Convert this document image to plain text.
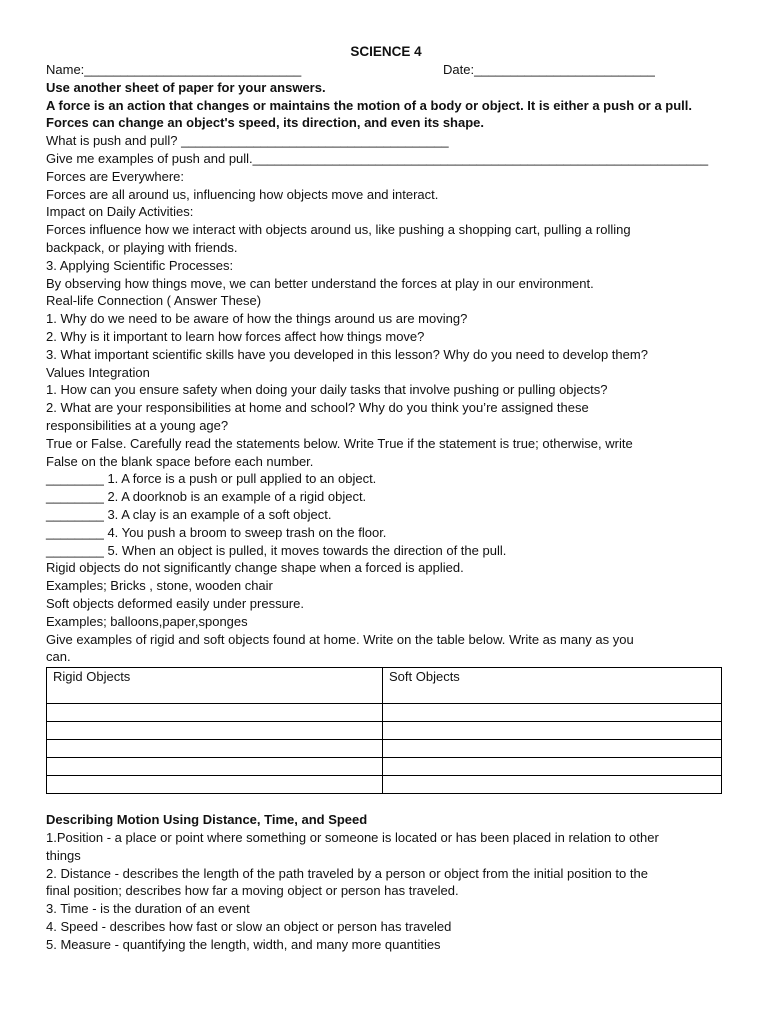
SCIENCE 4
Name:______________________________	Date:_________________________
Use another sheet of paper for your answers.
A force is an action that changes or maintains the motion of a body or object. It is either a push or a pull.
Forces can change an object's speed, its direction, and even its shape.
What is push and pull? _____________________________________
Give me examples of push and pull._______________________________________________________________
Forces are Everywhere:
Forces are all around us, influencing how objects move and interact.
Impact on Daily Activities:
Forces influence how we interact with objects around us, like pushing a shopping cart, pulling a rolling
backpack, or playing with friends.
3. Applying Scientific Processes:
By observing how things move, we can better understand the forces at play in our environment.
Real-life Connection ( Answer These)
1. Why do we need to be aware of how the things around us are moving?
2. Why is it important to learn how forces affect how things move?
3. What important scientific skills have you developed in this lesson? Why do you need to develop them?
Values Integration
1. How can you ensure safety when doing your daily tasks that involve pushing or pulling objects?
2. What are your responsibilities at home and school? Why do you think you’re assigned these
responsibilities at a young age?
True or False. Carefully read the statements below. Write True if the statement is true; otherwise, write
False on the blank space before each number.
________ 1. A force is a push or pull applied to an object.
________ 2. A doorknob is an example of a rigid object.
________ 3. A clay is an example of a soft object.
________ 4. You push a broom to sweep trash on the floor.
________ 5. When an object is pulled, it moves towards the direction of the pull.
Rigid objects do not significantly change shape when a forced is applied.
Examples; Bricks , stone, wooden chair
Soft objects deformed easily under pressure.
Examples; balloons,paper,sponges
Give examples of rigid and soft objects found at home. Write on the table below. Write as many as you
can.
Rigid Objects	Soft Objects

Describing Motion Using Distance, Time, and Speed
1.Position - a place or point where something or someone is located or has been placed in relation to other
things
2. Distance - describes the length of the path traveled by a person or object from the initial position to the
final position; describes how far a moving object or person has traveled.
3. Time - is the duration of an event
4. Speed - describes how fast or slow an object or person has traveled
5. Measure - quantifying the length, width, and many more quantities
